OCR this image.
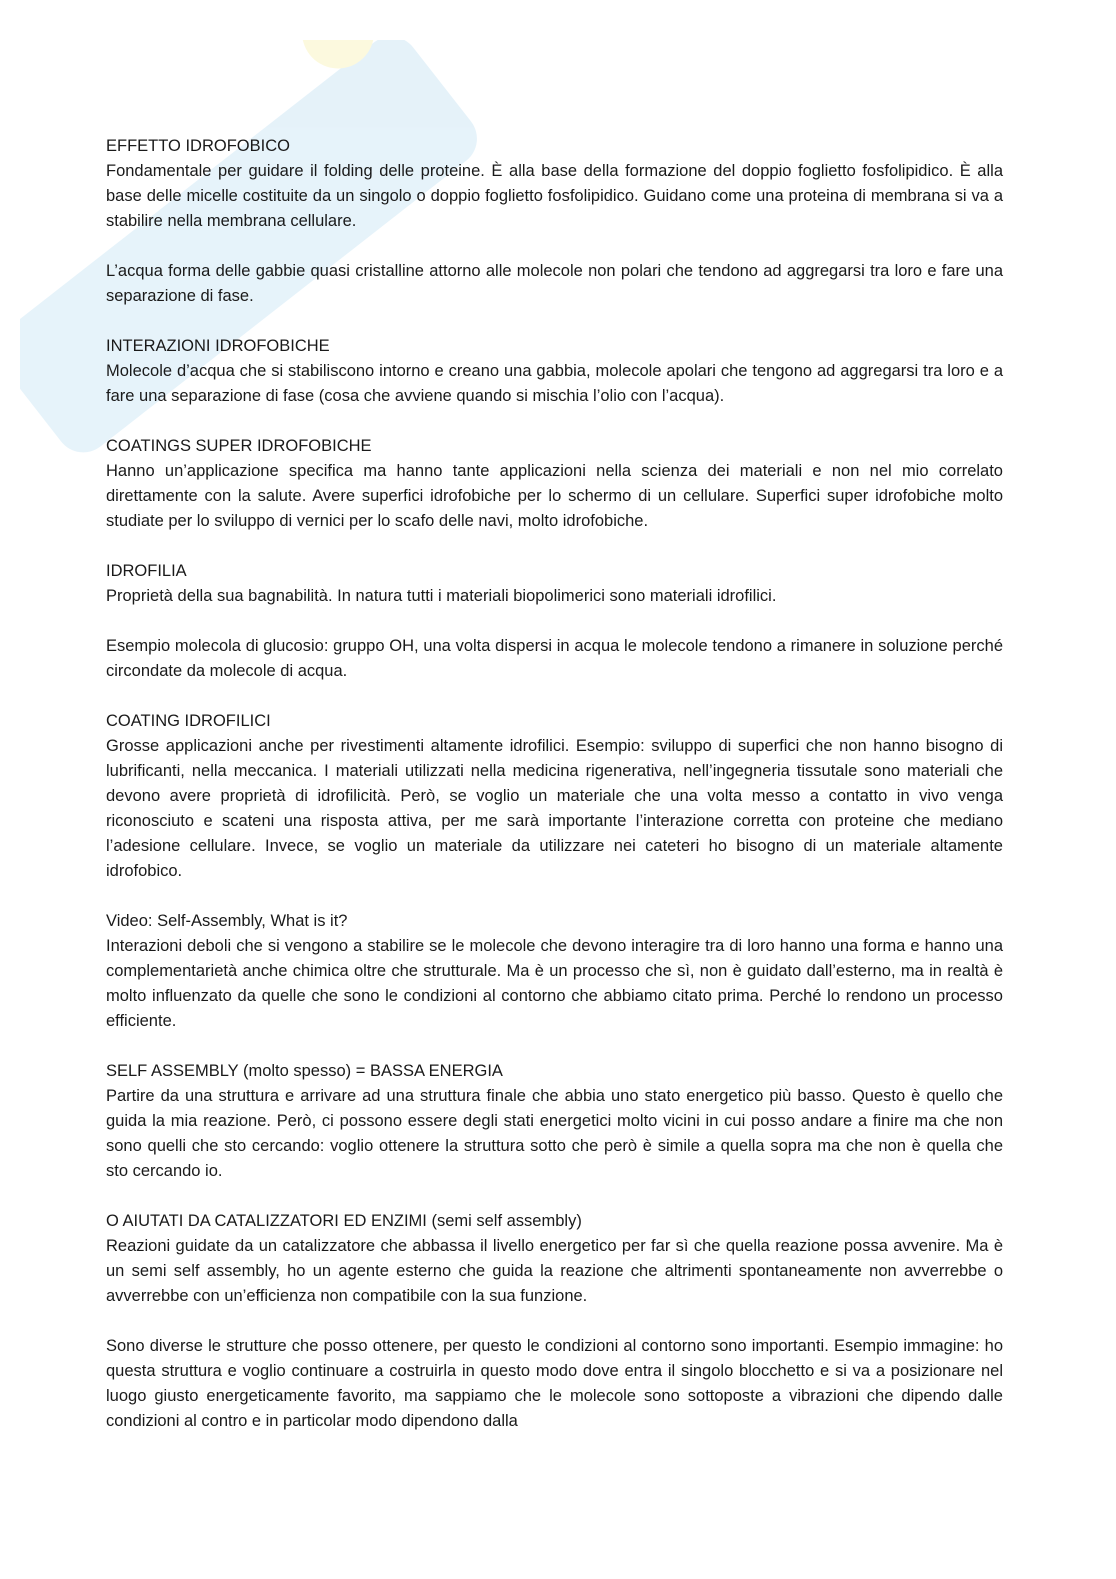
EFFETTO IDROFOBICO

Fondamentale per guidare il folding delle proteine. È alla base della formazione del doppio foglietto fosfolipidico. È alla base delle micelle costituite da un singolo o doppio foglietto fosfolipidico. Guidano come una proteina di membrana si va a stabilire nella membrana cellulare.

L’acqua forma delle gabbie quasi cristalline attorno alle molecole non polari che tendono ad aggregarsi tra loro e fare una separazione di fase.

INTERAZIONI IDROFOBICHE

Molecole d’acqua che si stabiliscono intorno e creano una gabbia, molecole apolari che tengono ad aggregarsi tra loro e a fare una separazione di fase (cosa che avviene quando si mischia l’olio con l’acqua).

COATINGS SUPER IDROFOBICHE

Hanno un’applicazione specifica ma hanno tante applicazioni nella scienza dei materiali e non nel mio correlato direttamente con la salute. Avere superfici idrofobiche per lo schermo di un cellulare. Superfici super idrofobiche molto studiate per lo sviluppo di vernici per lo scafo delle navi, molto idrofobiche.

IDROFILIA

Proprietà della sua bagnabilità. In natura tutti i materiali biopolimerici sono materiali idrofilici.

Esempio molecola di glucosio: gruppo OH, una volta dispersi in acqua le molecole tendono a rimanere in soluzione perché circondate da molecole di acqua.

COATING IDROFILICI

Grosse applicazioni anche per rivestimenti altamente idrofilici. Esempio: sviluppo di superfici che non hanno bisogno di lubrificanti, nella meccanica. I materiali utilizzati nella medicina rigenerativa, nell’ingegneria tissutale sono materiali che devono avere proprietà di idrofilicità. Però, se voglio un materiale che una volta messo a contatto in vivo venga riconosciuto e scateni una risposta attiva, per me sarà importante l’interazione corretta con proteine che mediano l’adesione cellulare. Invece, se voglio un materiale da utilizzare nei cateteri ho bisogno di un materiale altamente idrofobico.

Video: Self-Assembly, What is it?

Interazioni deboli che si vengono a stabilire se le molecole che devono interagire tra di loro hanno una forma e hanno una complementarietà anche chimica oltre che strutturale. Ma è un processo che sì, non è guidato dall’esterno, ma in realtà è molto influenzato da quelle che sono le condizioni al contorno che abbiamo citato prima. Perché lo rendono un processo efficiente.

SELF ASSEMBLY (molto spesso) = BASSA ENERGIA

Partire da una struttura e arrivare ad una struttura finale che abbia uno stato energetico più basso. Questo è quello che guida la mia reazione. Però, ci possono essere degli stati energetici molto vicini in cui posso andare a finire ma che non sono quelli che sto cercando: voglio ottenere la struttura sotto che però è simile a quella sopra ma che non è quella che sto cercando io.

O AIUTATI DA CATALIZZATORI ED ENZIMI (semi self assembly)

Reazioni guidate da un catalizzatore che abbassa il livello energetico per far sì che quella reazione possa avvenire. Ma è un semi self assembly, ho un agente esterno che guida la reazione che altrimenti spontaneamente non avverrebbe o avverrebbe con un’efficienza non compatibile con la sua funzione.

Sono diverse le strutture che posso ottenere, per questo le condizioni al contorno sono importanti. Esempio immagine: ho questa struttura e voglio continuare a costruirla in questo modo dove entra il singolo blocchetto e si va a posizionare nel luogo giusto energeticamente favorito, ma sappiamo che le molecole sono sottoposte a vibrazioni che dipendo dalle condizioni al contro e in particolar modo dipendono dalla
